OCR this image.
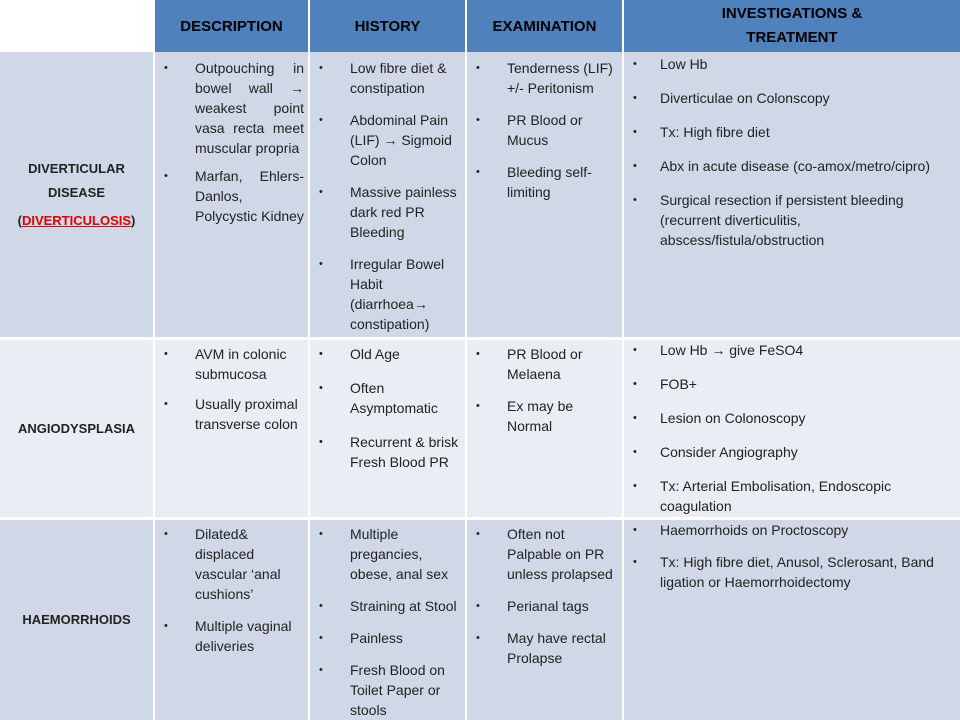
DESCRIPTION	HISTORY	EXAMINATION
INVESTIGATIONS &
TREATMENT
DIVERTICULAR
DISEASE
(DIVERTICULOSIS)
• Outpouching in bowel wall → weakest point vasa recta meet muscular propria
• Marfan, Ehlers-Danlos, Polycystic Kidney
• Low fibre diet & constipation
• Abdominal Pain (LIF) → Sigmoid Colon
• Massive painless dark red PR Bleeding
• Irregular Bowel Habit (diarrhoea→ constipation)
• Tenderness (LIF) +/- Peritonism
• PR Blood or Mucus
• Bleeding self-limiting
• Low Hb
• Diverticulae on Colonscopy
• Tx: High fibre diet
• Abx in acute disease (co-amox/metro/cipro)
• Surgical resection if persistent bleeding (recurrent diverticulitis, abscess/fistula/obstruction
ANGIODYSPLASIA
• AVM in colonic submucosa
• Usually proximal transverse colon
• Old Age
• Often Asymptomatic
• Recurrent & brisk Fresh Blood PR
• PR Blood or Melaena
• Ex may be Normal
• Low Hb → give FeSO4
• FOB+
• Lesion on Colonoscopy
• Consider Angiography
• Tx: Arterial Embolisation, Endoscopic coagulation
HAEMORRHOIDS
• Dilated& displaced vascular ‘anal cushions’
• Multiple vaginal deliveries
• Multiple pregancies, obese, anal sex
• Straining at Stool
• Painless
• Fresh Blood on Toilet Paper or stools
• Often not Palpable on PR unless prolapsed
• Perianal tags
• May have rectal Prolapse
• Haemorrhoids on Proctoscopy
• Tx: High fibre diet, Anusol, Sclerosant, Band ligation or Haemorrhoidectomy
